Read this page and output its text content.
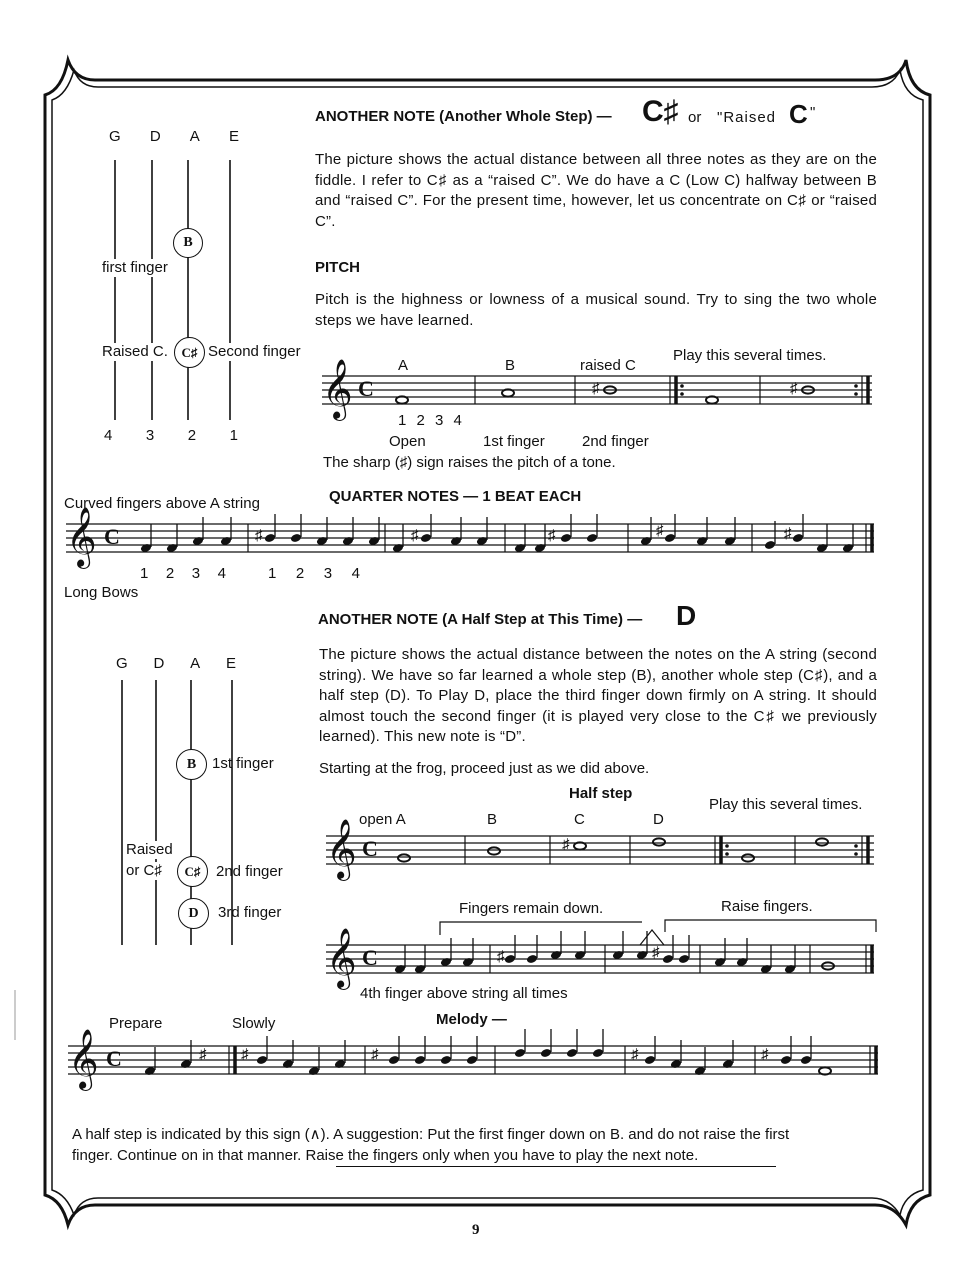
ANOTHER NOTE (Another Whole Step) — C♯ or "Raised C "
The picture shows the actual distance between all three notes as they are on the fiddle. I refer to C♯ as a “raised C”. We do have a C (Low C) halfway between B and “raised C”. For the present time, however, let us concentrate on C♯ or “raised C”.
G D A E
B
first finger
Raised C.	C♯ Second finger
4 3 2 1
PITCH
Pitch is the highness or lowness of a musical sound. Try to sing the two whole steps we have learned.
A	B	raised C
Play this several times.
𝄞 C	♯	♯
1 2 3 4
Open	1st finger 2nd finger
The sharp (♯) sign raises the pitch of a tone.
Curved fingers above A string	QUARTER NOTES — 1 BEAT EACH
𝄞 C	♯	♯	♯	♯	♯
1 2 3 4	1 2 3 4
Long Bows
ANOTHER NOTE (A Half Step at This Time) — D
The picture shows the actual distance between the notes on the A string (second string). We have so far learned a whole step (B), another whole step (C♯), and a half step (D). To Play D, place the third finger down firmly on A string. It should almost touch the second finger (it is played very close to the C♯ we previously learned). This new note is “D”.
Starting at the frog, proceed just as we did above.
G D A E
B	1st finger
Raised
or C♯	C♯	2nd finger
D	3rd finger
open A	B
Half step
C	D
Play this several times.
𝄞 C	♯
Fingers remain down.	Raise fingers.
𝄞 C	♯	♯
4th finger above string all times
Prepare	Slowly	Melody —
𝄞 C	♯ ♯	♯	♯	♯
A half step is indicated by this sign (∧). A suggestion: Put the first finger down on B. and do not raise the first
finger. Continue on in that manner. Raise the fingers only when you have to play the next note.
9
